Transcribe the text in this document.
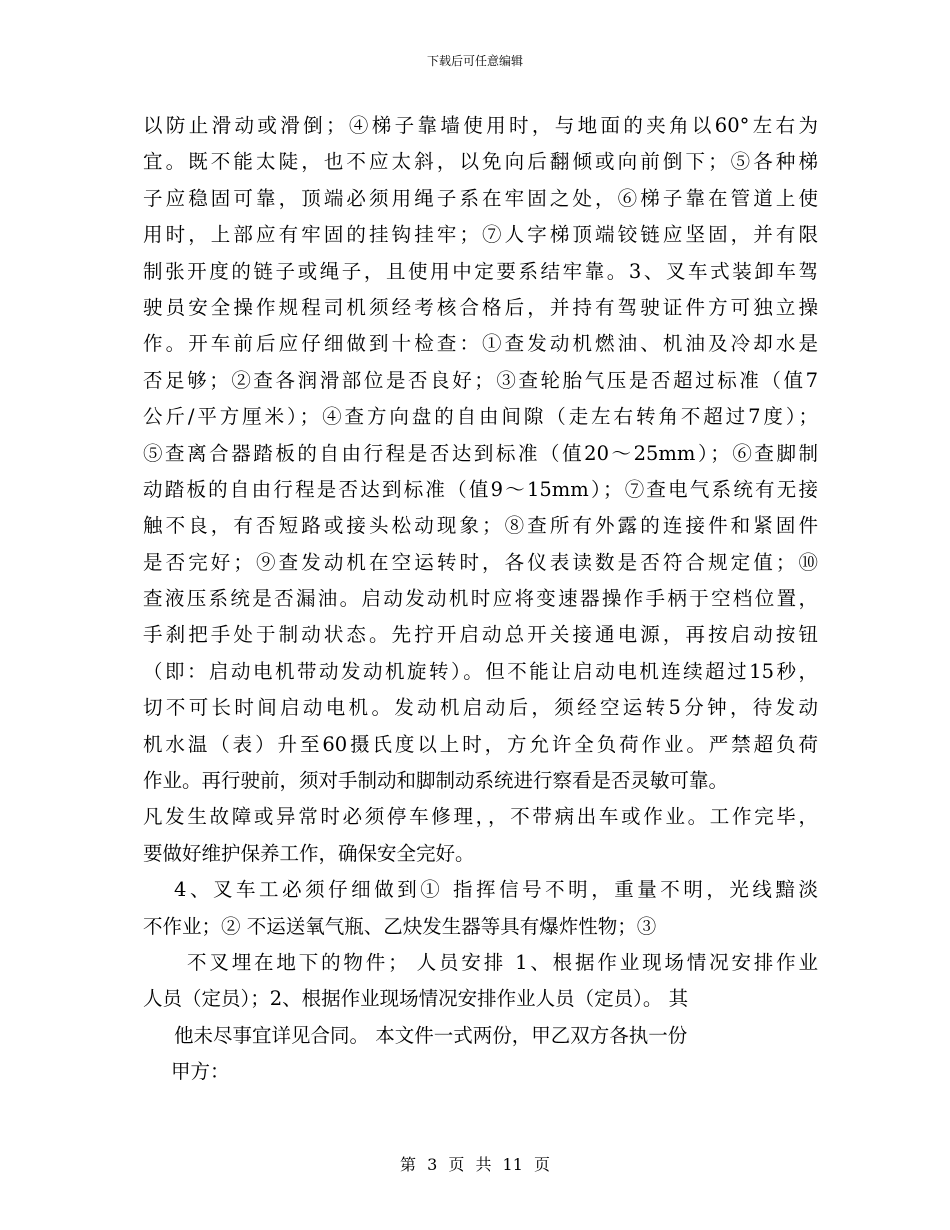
下载后可任意编辑
以防止滑动或滑倒；④梯子靠墙使用时，与地面的夹角以60°左右为
宜。既不能太陡，也不应太斜，以免向后翻倾或向前倒下；⑤各种梯
子应稳固可靠，顶端必须用绳子系在牢固之处，⑥梯子靠在管道上使
用时，上部应有牢固的挂钩挂牢；⑦人字梯顶端铰链应坚固，并有限
制张开度的链子或绳子，且使用中定要系结牢靠。3、叉车式装卸车驾
驶员安全操作规程司机须经考核合格后，并持有驾驶证件方可独立操
作。开车前后应仔细做到十检查：①查发动机燃油、机油及冷却水是
否足够；②查各润滑部位是否良好；③查轮胎气压是否超过标准（值7
公斤/平方厘米）；④查方向盘的自由间隙（走左右转角不超过7度）；
⑤查离合器踏板的自由行程是否达到标准（值20～25mm）；⑥查脚制
动踏板的自由行程是否达到标准（值9～15mm）；⑦查电气系统有无接
触不良，有否短路或接头松动现象；⑧查所有外露的连接件和紧固件
是否完好；⑨查发动机在空运转时，各仪表读数是否符合规定值；⑩
查液压系统是否漏油。启动发动机时应将变速器操作手柄于空档位置，
手刹把手处于制动状态。先拧开启动总开关接通电源，再按启动按钮
（即：启动电机带动发动机旋转）。但不能让启动电机连续超过15秒，
切不可长时间启动电机。发动机启动后，须经空运转5分钟，待发动
机水温（表）升至60摄氏度以上时，方允许全负荷作业。严禁超负荷
作业。再行驶前，须对手制动和脚制动系统进行察看是否灵敏可靠。
凡发生故障或异常时必须停车修理，，不带病出车或作业。工作完毕，
要做好维护保养工作，确保安全完好。
4、叉车工必须仔细做到① 指挥信号不明，重量不明，光线黯淡
不作业；② 不运送氧气瓶、乙炔发生器等具有爆炸性物；③
不叉埋在地下的物件； 人员安排 1、根据作业现场情况安排作业
人员（定员）；2、根据作业现场情况安排作业人员（定员）。 其
他未尽事宜详见合同。 本文件一式两份，甲乙双方各执一份
甲方：
第 3 页 共 11 页
